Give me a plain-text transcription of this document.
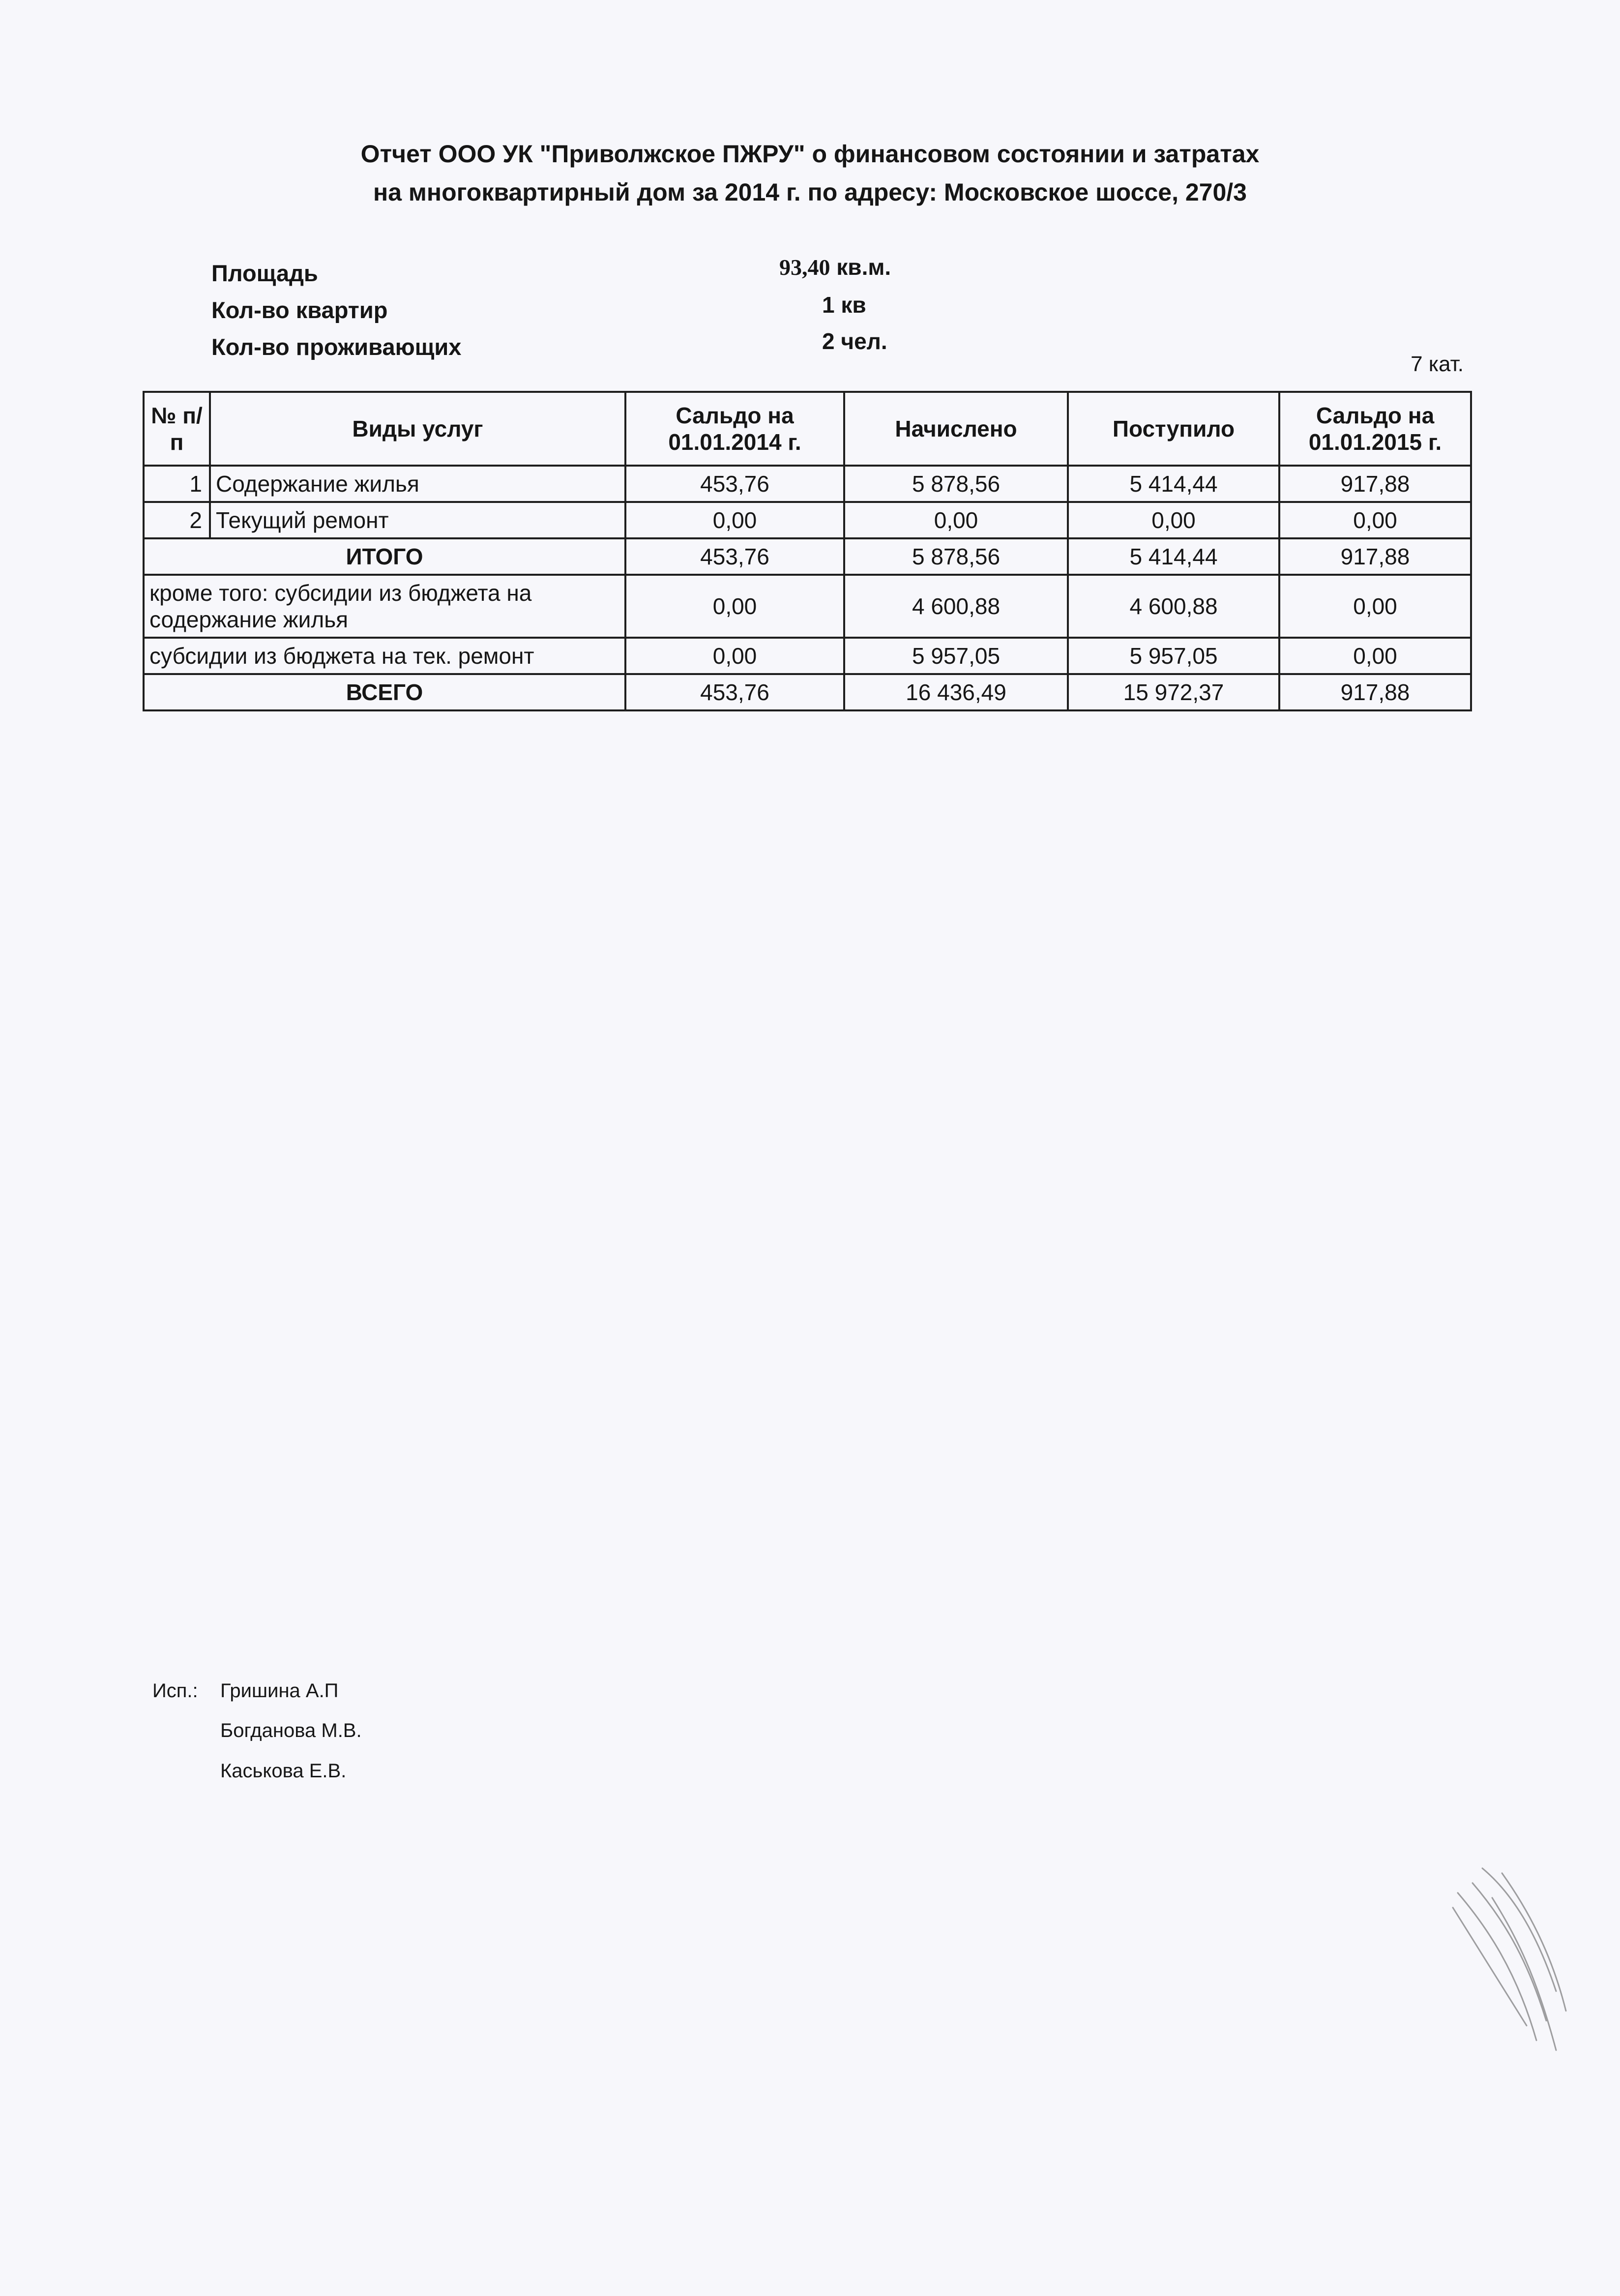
Отчет ООО УК "Приволжское ПЖРУ" о финансовом состоянии и затратах
на многоквартирный дом за 2014 г. по адресу: Московское шоссе, 270/3
Площадь	93,40 кв.м.
Кол-во квартир	1 кв
Кол-во проживающих	2 чел.
7 кат.
№ п/п	Виды услуг	Сальдо на 01.01.2014 г.	Начислено	Поступило	Сальдо на 01.01.2015 г.
1	Содержание жилья	453,76	5 878,56	5 414,44	917,88
2	Текущий ремонт	0,00	0,00	0,00	0,00
ИТОГО		453,76	5 878,56	5 414,44	917,88
кроме того: субсидии из бюджета на содержание жилья		0,00	4 600,88	4 600,88	0,00
субсидии из бюджета на тек. ремонт		0,00	5 957,05	5 957,05	0,00
ВСЕГО		453,76	16 436,49	15 972,37	917,88
Исп.: Гришина А.П
Богданова М.В.
Каськова Е.В.
